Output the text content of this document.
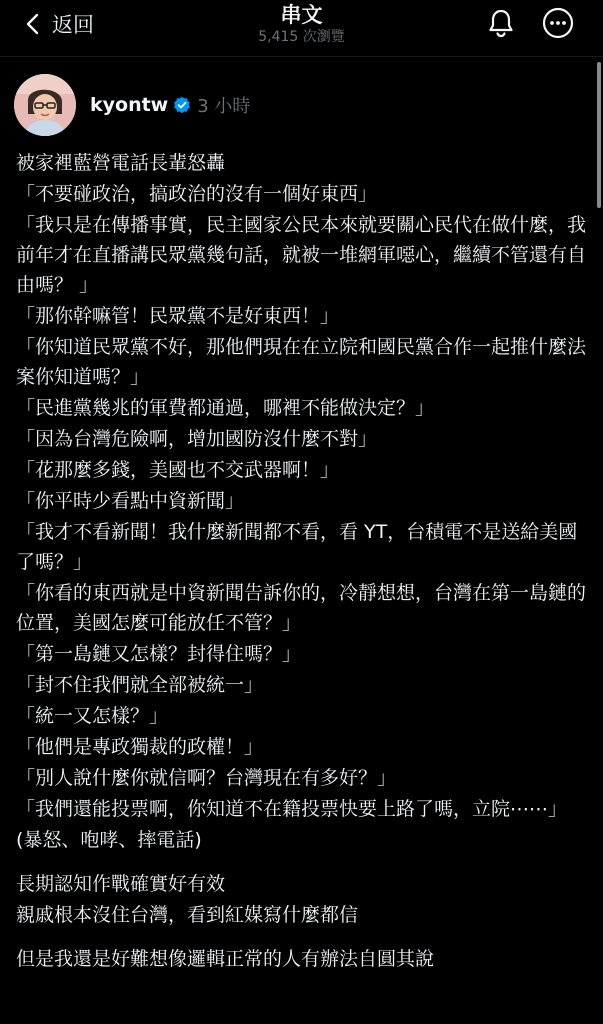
返回	串文
5,415 次瀏覽
kyontw 3 小時
被家裡藍營電話長輩怒轟
「不要碰政治，搞政治的沒有一個好東西」
「我只是在傳播事實，民主國家公民本來就要關心民代在做什麼，我前年才在直播講民眾黨幾句話，就被一堆網軍噁心，繼續不管還有自由嗎？ 」
「那你幹嘛管！民眾黨不是好東西！」
「你知道民眾黨不好，那他們現在在立院和國民黨合作一起推什麼法案你知道嗎？」
「民進黨幾兆的軍費都通過，哪裡不能做決定？」
「因為台灣危險啊，增加國防沒什麼不對」
「花那麼多錢，美國也不交武器啊！」
「你平時少看點中資新聞」
「我才不看新聞！我什麼新聞都不看，看 YT，台積電不是送給美國了嗎？」
「你看的東西就是中資新聞告訴你的，冷靜想想，台灣在第一島鏈的位置，美國怎麼可能放任不管？」
「第一島鏈又怎樣？封得住嗎？」
「封不住我們就全部被統一」
「統一又怎樣？」
「他們是專政獨裁的政權！」
「別人說什麼你就信啊？台灣現在有多好？」
「我們還能投票啊，你知道不在籍投票快要上路了嗎，立院⋯⋯」
(暴怒、咆哮、摔電話)
長期認知作戰確實好有效
親戚根本沒住台灣，看到紅媒寫什麼都信
但是我還是好難想像邏輯正常的人有辦法自圓其說
